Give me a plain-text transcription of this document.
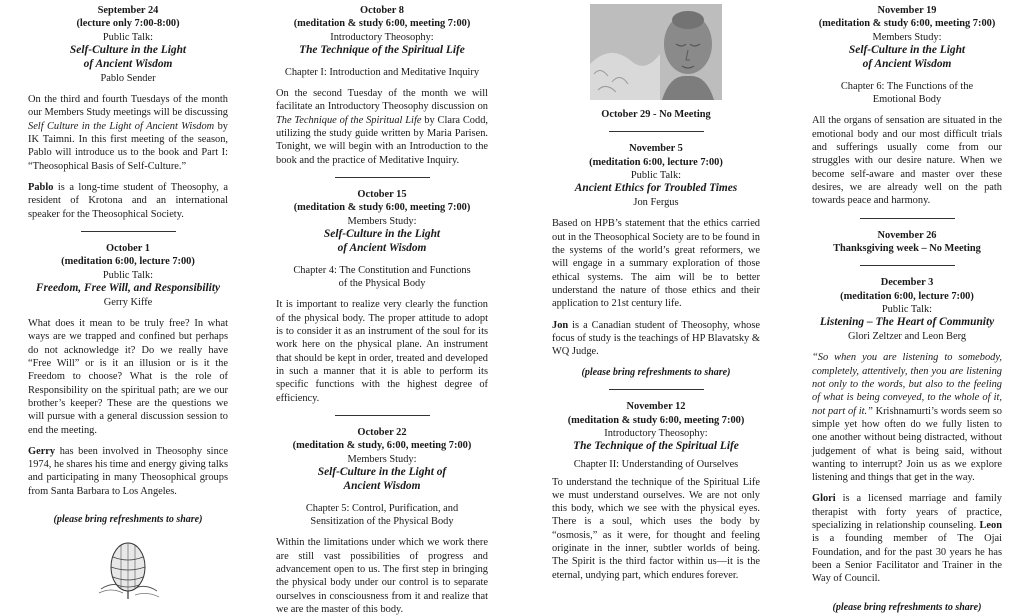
September 24
(lecture only 7:00-8:00)
Public Talk:
Self-Culture in the Light
of Ancient Wisdom
Pablo Sender

On the third and fourth Tuesdays of the month our Members Study meetings will be discussing Self Culture in the Light of Ancient Wisdom by IK Taimni. In this first meeting of the season, Pablo will introduce us to the book and Part I: “Theosophical Basis of Self-Culture.”

Pablo is a long-time student of Theosophy, a resident of Krotona and an international speaker for the Theosophical Society.

October 1
(meditation 6:00, lecture 7:00)
Public Talk:
Freedom, Free Will, and Responsibility
Gerry Kiffe

What does it mean to be truly free? In what ways are we trapped and confined but perhaps do not acknowledge it? Do we really have “Free Will” or is it an illusion or is it the Freedom to choose? What is the role of Responsibility on the spiritual path; are we our brother’s keeper? These are the questions we will pursue with a general discussion session to end the meeting.

Gerry has been involved in Theosophy since 1974, he shares his time and energy giving talks and participating in many Theosophical groups from Santa Barbara to Los Angeles.

(please bring refreshments to share)
October 8
(meditation & study 6:00, meeting 7:00)
Introductory Theosophy:
The Technique of the Spiritual Life
Chapter I: Introduction and Meditative Inquiry

On the second Tuesday of the month we will facilitate an Introductory Theosophy discussion on The Technique of the Spiritual Life by Clara Codd, utilizing the study guide written by Maria Parisen. Tonight, we will begin with an Introduction to the book and the practice of Meditative Inquiry.

October 15
(meditation & study 6:00, meeting 7:00)
Members Study:
Self-Culture in the Light
of Ancient Wisdom
Chapter 4: The Constitution and Functions
of the Physical Body

It is important to realize very clearly the function of the physical body. The proper attitude to adopt is to consider it as an instrument of the soul for its work here on the physical plane. An instrument that should be kept in order, treated and developed in such a manner that it is able to perform its specific functions with the highest degree of efficiency.

October 22
(meditation & study, 6:00, meeting 7:00)
Members Study:
Self-Culture in the Light of
Ancient Wisdom
Chapter 5: Control, Purification, and
Sensitization of the Physical Body

Within the limitations under which we work there are still vast possibilities of progress and advancement open to us. The first step in bringing the physical body under our control is to separate ourselves in consciousness from it and realize that we are the master of this body.

October 29 - No Meeting
November 5
(meditation 6:00, lecture 7:00)
Public Talk:
Ancient Ethics for Troubled Times
Jon Fergus

Based on HPB’s statement that the ethics carried out in the Theosophical Society are to be found in the systems of the world’s great reformers, we will engage in a summary exploration of those ethical systems. The aim will be to better understand the nature of those ethics and their application to 21st century life.

Jon is a Canadian student of Theosophy, whose focus of study is the teachings of HP Blavatsky & WQ Judge.

(please bring refreshments to share)
November 12
(meditation & study 6:00, meeting 7:00)
Introductory Theosophy:
The Technique of the Spiritual Life
Chapter II: Understanding of Ourselves

To understand the technique of the Spiritual Life we must understand ourselves. We are not only this body, which we see with the physical eyes. There is a soul, which uses the body by “osmosis,” as it were, for thought and feeling originate in the inner, subtler worlds of being. The Spirit is the third factor within us—it is the eternal, undying part, which endures forever.

November 19
(meditation & study 6:00, meeting 7:00)
Members Study:
Self-Culture in the Light
of Ancient Wisdom
Chapter 6: The Functions of the
Emotional Body

All the organs of sensation are situated in the emotional body and our most difficult trials and sufferings usually come from our struggles with our desire nature. When we become self-aware and master over these desires, we are already well on the path towards peace and harmony.

November 26
Thanksgiving week – No Meeting
December 3
(meditation 6:00, lecture 7:00)
Public Talk:
Listening – The Heart of Community
Glori Zeltzer and Leon Berg

“So when you are listening to somebody, completely, attentively, then you are listening not only to the words, but also to the feeling of what is being conveyed, to the whole of it, not part of it.” Krishnamurti’s words seem so simple yet how often do we fully listen to one another without being distracted, without judgement of what is being said, without wanting to interrupt? Join us as we explore listening and things that get in the way.

Glori is a licensed marriage and family therapist with forty years of practice, specializing in relationship counseling. Leon is a founding member of The Ojai Foundation, and for the past 30 years he has been a Senior Facilitator and Trainer in the Way of Council.

(please bring refreshments to share)
